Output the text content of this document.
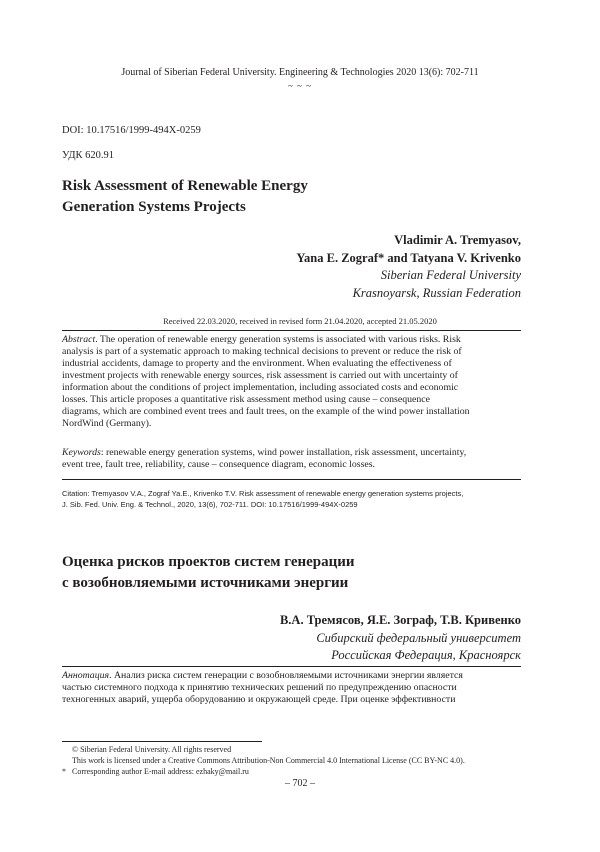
Journal of Siberian Federal University. Engineering & Technologies 2020 13(6): 702-711
~ ~ ~
DOI: 10.17516/1999-494X-0259
УДК 620.91
Risk Assessment of Renewable Energy
Generation Systems Projects
Vladimir A. Tremyasov,
Yana E. Zograf* and Tatyana V. Krivenko
Siberian Federal University
Krasnoyarsk, Russian Federation
Received 22.03.2020, received in revised form 21.04.2020, accepted 21.05.2020
Abstract. The operation of renewable energy generation systems is associated with various risks. Risk
analysis is part of a systematic approach to making technical decisions to prevent or reduce the risk of
industrial accidents, damage to property and the environment. When evaluating the effectiveness of
investment projects with renewable energy sources, risk assessment is carried out with uncertainty of
information about the conditions of project implementation, including associated costs and economic
losses. This article proposes a quantitative risk assessment method using cause – consequence
diagrams, which are combined event trees and fault trees, on the example of the wind power installation
NordWind (Germany).
Keywords: renewable energy generation systems, wind power installation, risk assessment, uncertainty,
event tree, fault tree, reliability, cause – consequence diagram, economic losses.
Citation: Tremyasov V.A., Zograf Ya.E., Krivenko T.V. Risk assessment of renewable energy generation systems projects,
J. Sib. Fed. Univ. Eng. & Technol., 2020, 13(6), 702-711. DOI: 10.17516/1999-494X-0259
Оценка рисков проектов систем генерации
с возобновляемыми источниками энергии
В.А. Тремясов, Я.Е. Зограф, Т.В. Кривенко
Сибирский федеральный университет
Российская Федерация, Красноярск
Аннотация. Анализ риска систем генерации с возобновляемыми источниками энергии является
частью системного подхода к принятию технических решений по предупреждению опасности
техногенных аварий, ущерба оборудованию и окружающей среде. При оценке эффективности
© Siberian Federal University. All rights reserved
This work is licensed under a Creative Commons Attribution-Non Commercial 4.0 International License (CC BY-NC 4.0).
* Corresponding author E-mail address: ezhaky@mail.ru
– 702 –
